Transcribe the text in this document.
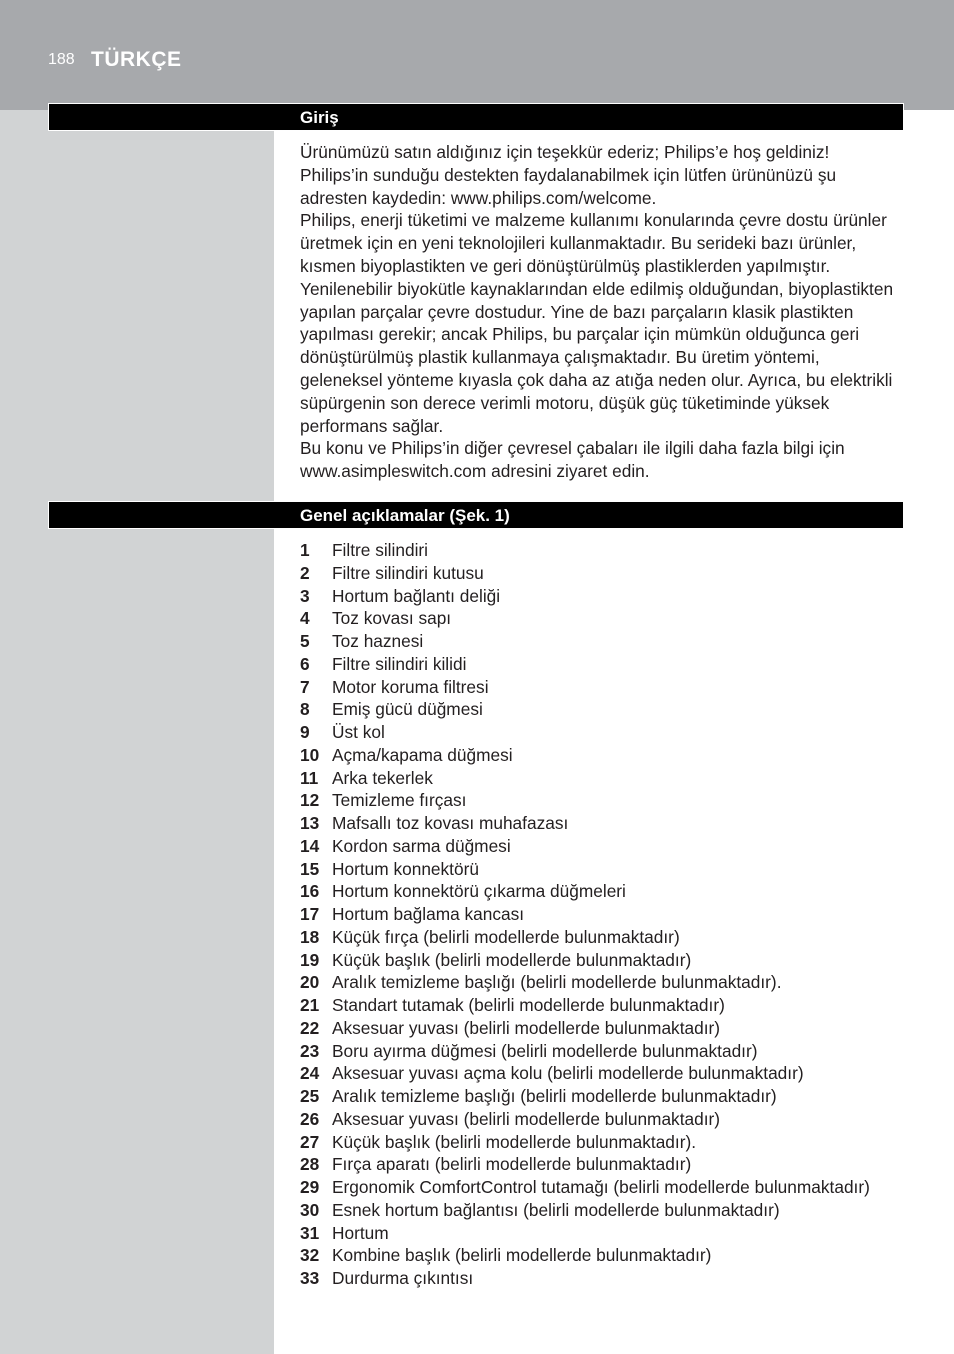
188 TÜRKÇE
Giriş

Ürünümüzü satın aldığınız için teşekkür ederiz; Philips’e hoş geldiniz! Philips’in sunduğu destekten faydalanabilmek için lütfen ürününüzü şu adresten kaydedin: www.philips.com/welcome.

Philips, enerji tüketimi ve malzeme kullanımı konularında çevre dostu ürünler üretmek için en yeni teknolojileri kullanmaktadır. Bu serideki bazı ürünler, kısmen biyoplastikten ve geri dönüştürülmüş plastiklerden yapılmıştır. Yenilenebilir biyokütle kaynaklarından elde edilmiş olduğundan, biyoplastikten yapılan parçalar çevre dostudur. Yine de bazı parçaların klasik plastikten yapılması gerekir; ancak Philips, bu parçalar için mümkün olduğunca geri dönüştürülmüş plastik kullanmaya çalışmaktadır. Bu üretim yöntemi, geleneksel yönteme kıyasla çok daha az atığa neden olur. Ayrıca, bu elektrikli süpürgenin son derece verimli motoru, düşük güç tüketiminde yüksek performans sağlar.

Bu konu ve Philips’in diğer çevresel çabaları ile ilgili daha fazla bilgi için www.asimpleswitch.com adresini ziyaret edin.

Genel açıklamalar (Şek. 1)
1 Filtre silindiri
2 Filtre silindiri kutusu
3 Hortum bağlantı deliği
4 Toz kovası sapı
5 Toz haznesi
6 Filtre silindiri kilidi
7 Motor koruma filtresi
8 Emiş gücü düğmesi
9 Üst kol
10 Açma/kapama düğmesi
11 Arka tekerlek
12 Temizleme fırçası
13 Mafsallı toz kovası muhafazası
14 Kordon sarma düğmesi
15 Hortum konnektörü
16 Hortum konnektörü çıkarma düğmeleri
17 Hortum bağlama kancası
18 Küçük fırça (belirli modellerde bulunmaktadır)
19 Küçük başlık (belirli modellerde bulunmaktadır)
20 Aralık temizleme başlığı (belirli modellerde bulunmaktadır).
21 Standart tutamak (belirli modellerde bulunmaktadır)
22 Aksesuar yuvası (belirli modellerde bulunmaktadır)
23 Boru ayırma düğmesi (belirli modellerde bulunmaktadır)
24 Aksesuar yuvası açma kolu (belirli modellerde bulunmaktadır)
25 Aralık temizleme başlığı (belirli modellerde bulunmaktadır)
26 Aksesuar yuvası (belirli modellerde bulunmaktadır)
27 Küçük başlık (belirli modellerde bulunmaktadır).
28 Fırça aparatı (belirli modellerde bulunmaktadır)
29 Ergonomik ComfortControl tutamağı (belirli modellerde bulunmaktadır)
30 Esnek hortum bağlantısı (belirli modellerde bulunmaktadır)
31 Hortum
32 Kombine başlık (belirli modellerde bulunmaktadır)
33 Durdurma çıkıntısı
